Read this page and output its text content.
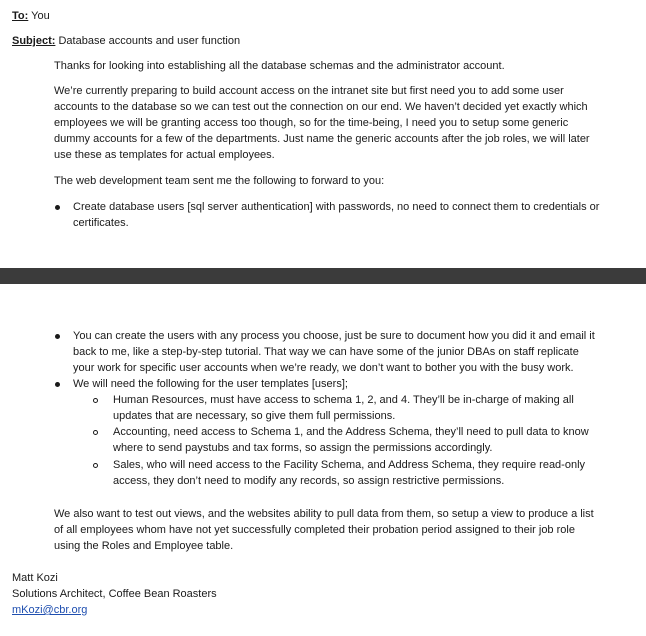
To: You
Subject: Database accounts and user function
Thanks for looking into establishing all the database schemas and the administrator account.
We’re currently preparing to build account access on the intranet site but first need you to add some user
accounts to the database so we can test out the connection on our end. We haven’t decided yet exactly which
employees we will be granting access too though, so for the time-being, I need you to setup some generic
dummy accounts for a few of the departments. Just name the generic accounts after the job roles, we will later
use these as templates for actual employees.
The web development team sent me the following to forward to you:
Create database users [sql server authentication] with passwords, no need to connect them to credentials or
certificates.
You can create the users with any process you choose, just be sure to document how you did it and email it
back to me, like a step-by-step tutorial. That way we can have some of the junior DBAs on staff replicate
your work for specific user accounts when we’re ready, we don’t want to bother you with the busy work.
We will need the following for the user templates [users];
Human Resources, must have access to schema 1, 2, and 4. They’ll be in-charge of making all
updates that are necessary, so give them full permissions.
Accounting, need access to Schema 1, and the Address Schema, they’ll need to pull data to know
where to send paystubs and tax forms, so assign the permissions accordingly.
Sales, who will need access to the Facility Schema, and Address Schema, they require read-only
access, they don’t need to modify any records, so assign restrictive permissions.
We also want to test out views, and the websites ability to pull data from them, so setup a view to produce a list
of all employees whom have not yet successfully completed their probation period assigned to their job role
using the Roles and Employee table.
Matt Kozi
Solutions Architect, Coffee Bean Roasters
mKozi@cbr.org
